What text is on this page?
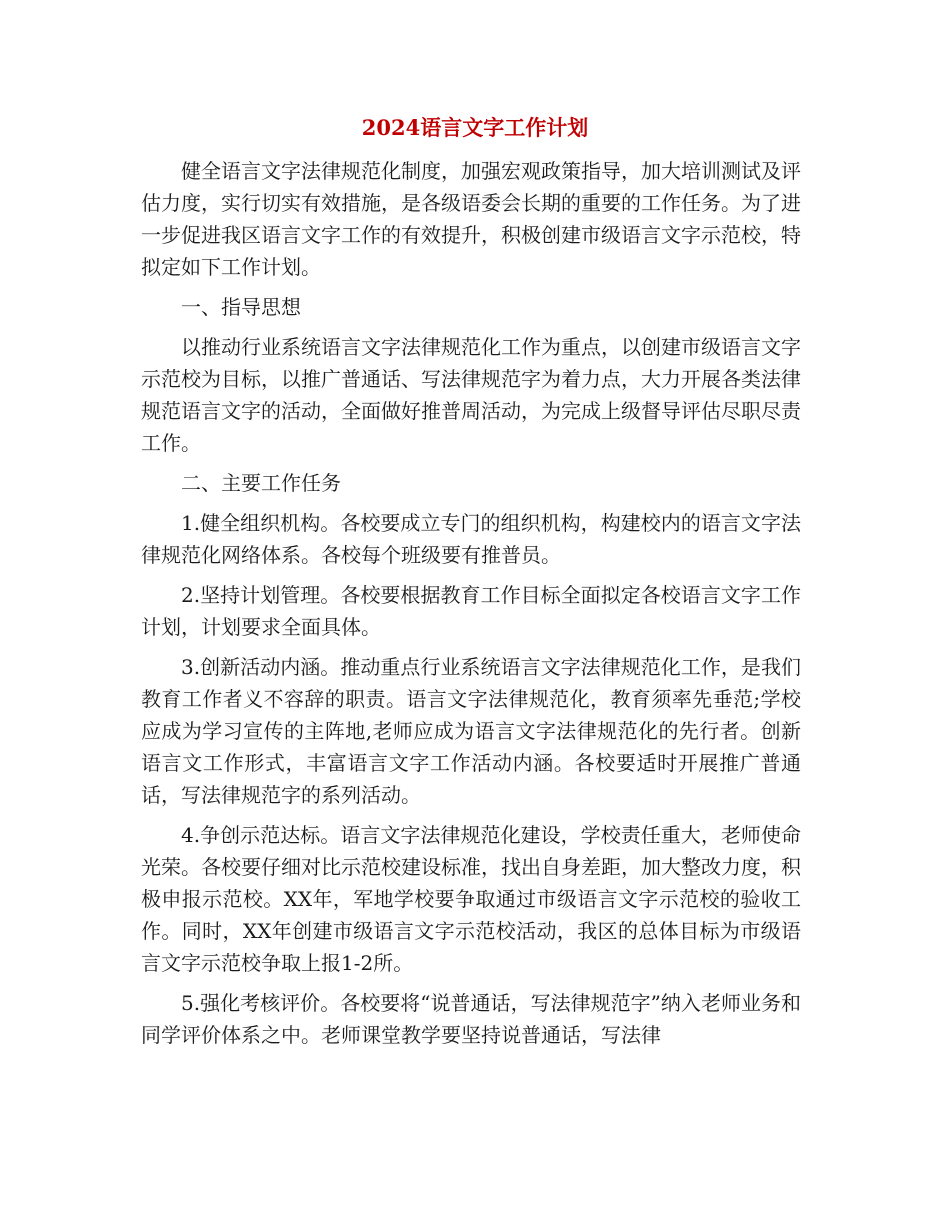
2024语言文字工作计划

健全语言文字法律规范化制度，加强宏观政策指导，加大培训测试及评估力度，实行切实有效措施，是各级语委会长期的重要的工作任务。为了进一步促进我区语言文字工作的有效提升，积极创建市级语言文字示范校，特拟定如下工作计划。

一、指导思想

以推动行业系统语言文字法律规范化工作为重点，以创建市级语言文字示范校为目标，以推广普通话、写法律规范字为着力点，大力开展各类法律规范语言文字的活动，全面做好推普周活动，为完成上级督导评估尽职尽责工作。

二、主要工作任务

1.健全组织机构。各校要成立专门的组织机构，构建校内的语言文字法律规范化网络体系。各校每个班级要有推普员。

2.坚持计划管理。各校要根据教育工作目标全面拟定各校语言文字工作计划，计划要求全面具体。

3.创新活动内涵。推动重点行业系统语言文字法律规范化工作，是我们教育工作者义不容辞的职责。语言文字法律规范化，教育须率先垂范;学校应成为学习宣传的主阵地,老师应成为语言文字法律规范化的先行者。创新语言文工作形式，丰富语言文字工作活动内涵。各校要适时开展推广普通话，写法律规范字的系列活动。

4.争创示范达标。语言文字法律规范化建设，学校责任重大，老师使命光荣。各校要仔细对比示范校建设标准，找出自身差距，加大整改力度，积极申报示范校。XX年，军地学校要争取通过市级语言文字示范校的验收工作。同时，XX年创建市级语言文字示范校活动，我区的总体目标为市级语言文字示范校争取上报1-2所。

5.强化考核评价。各校要将“说普通话，写法律规范字”纳入老师业务和同学评价体系之中。老师课堂教学要坚持说普通话，写法律
